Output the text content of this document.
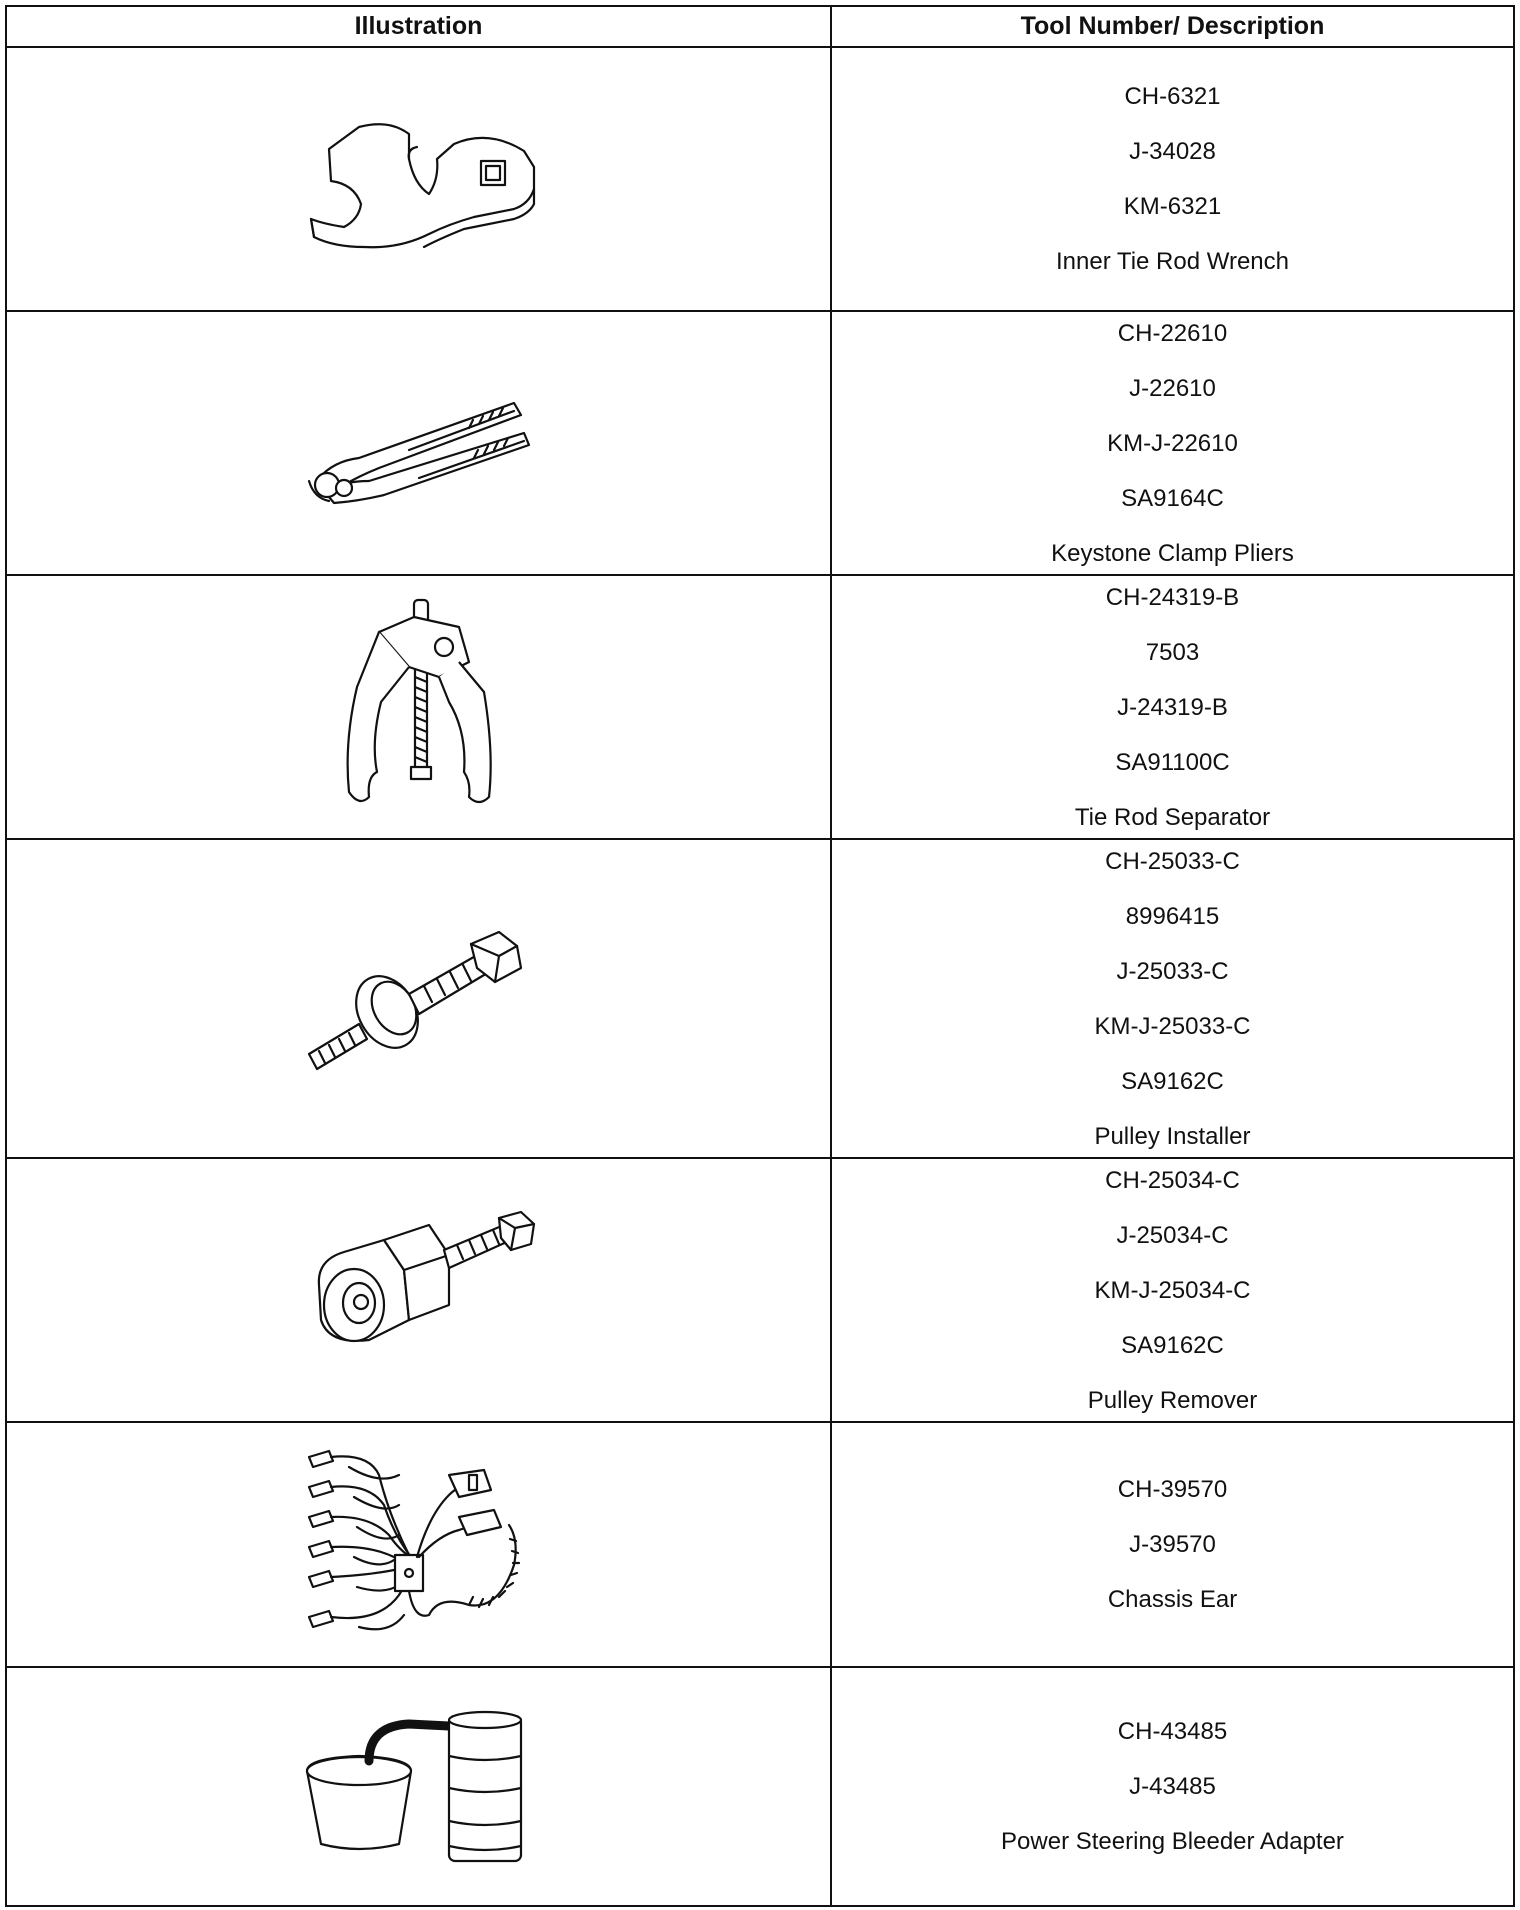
Illustration	Tool Number/ Description
CH-6321
J-34028
KM-6321
Inner Tie Rod Wrench
CH-22610
J-22610
KM-J-22610
SA9164C
Keystone Clamp Pliers
CH-24319-B
7503
J-24319-B
SA91100C
Tie Rod Separator
CH-25033-C
8996415
J-25033-C
KM-J-25033-C
SA9162C
Pulley Installer
CH-25034-C
J-25034-C
KM-J-25034-C
SA9162C
Pulley Remover
CH-39570
J-39570
Chassis Ear
CH-43485
J-43485
Power Steering Bleeder Adapter
